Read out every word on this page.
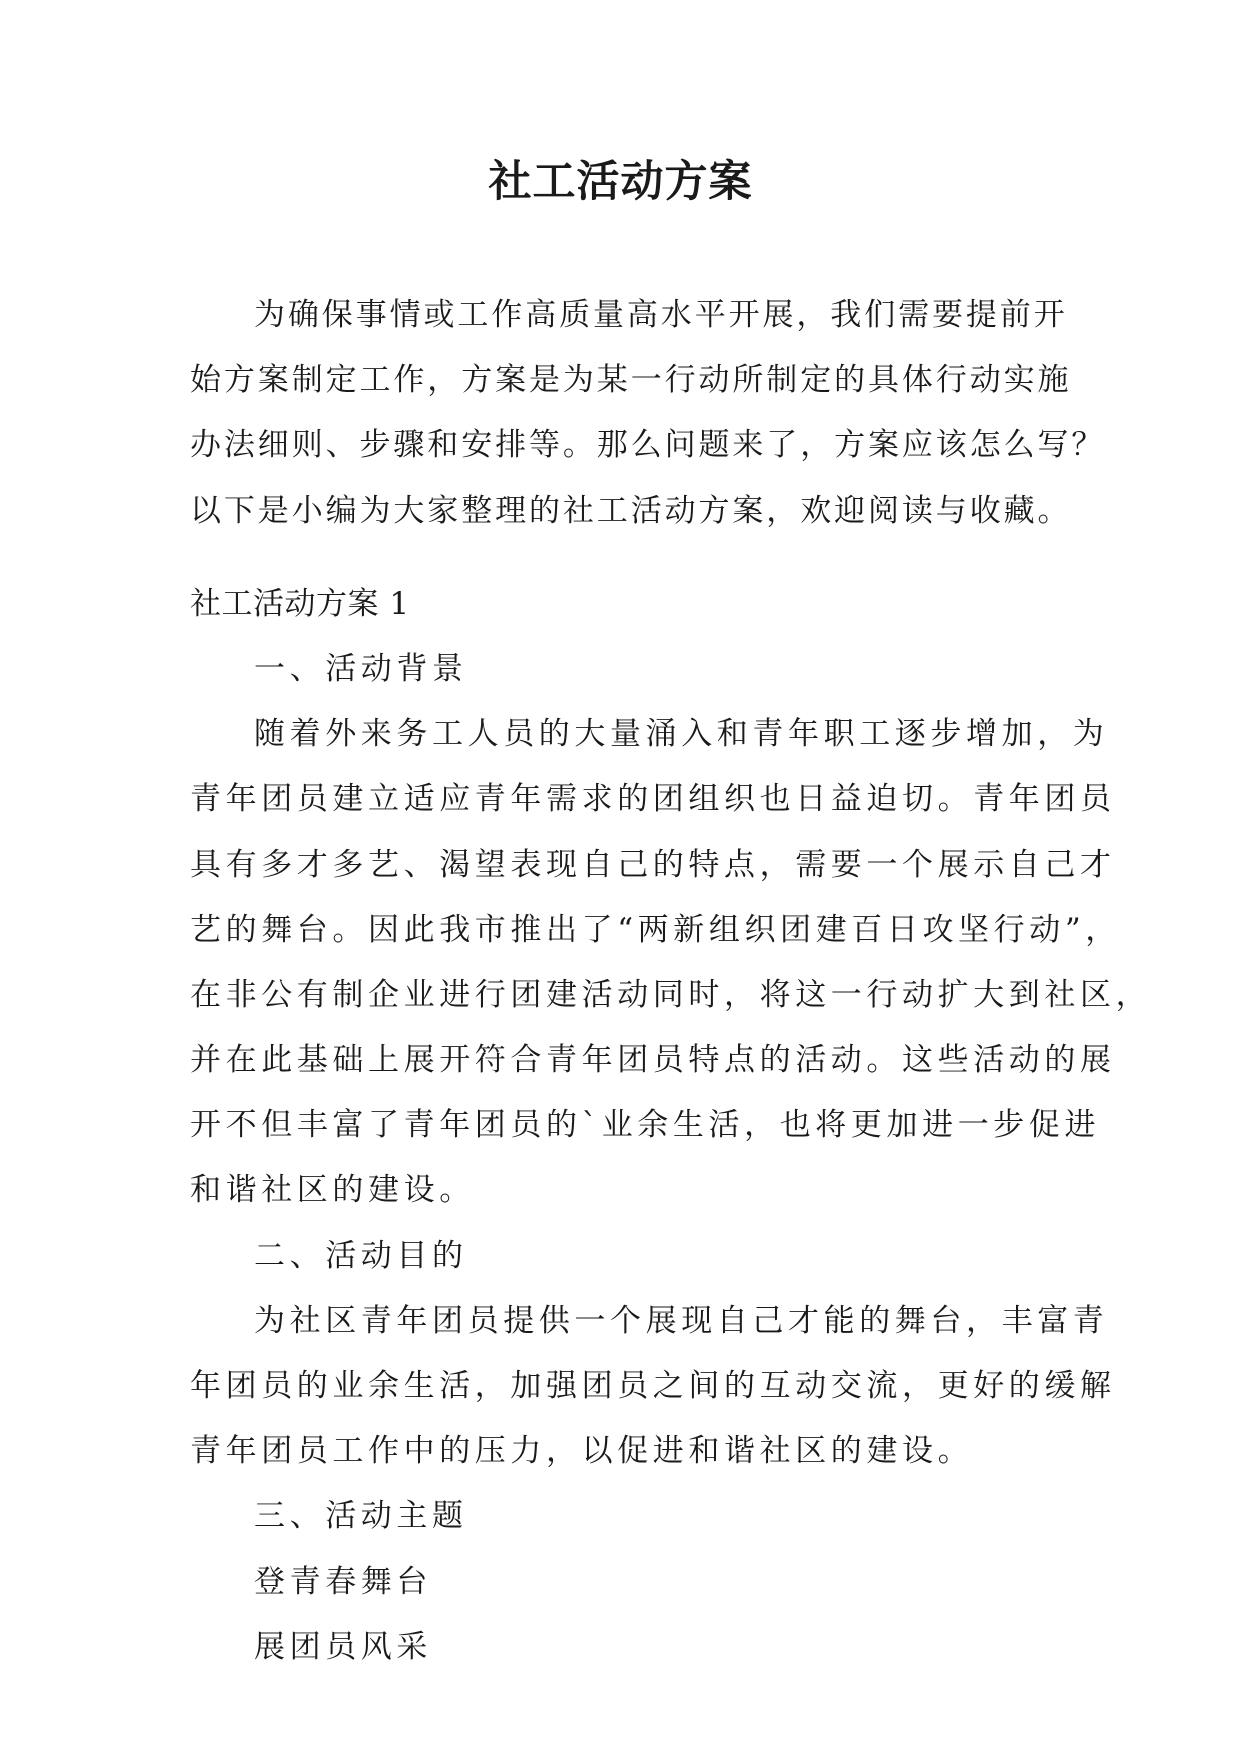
社工活动方案
为确保事情或工作高质量高水平开展，我们需要提前开
始方案制定工作，方案是为某一行动所制定的具体行动实施
办法细则、步骤和安排等。那么问题来了，方案应该怎么写？
以下是小编为大家整理的社工活动方案，欢迎阅读与收藏。
社工活动方案 1
一、活动背景
随着外来务工人员的大量涌入和青年职工逐步增加，为
青年团员建立适应青年需求的团组织也日益迫切。青年团员
具有多才多艺、渴望表现自己的特点，需要一个展示自己才
艺的舞台。因此我市推出了“两新组织团建百日攻坚行动”，
在非公有制企业进行团建活动同时，将这一行动扩大到社区，
并在此基础上展开符合青年团员特点的活动。这些活动的展
开不但丰富了青年团员的`业余生活，也将更加进一步促进
和谐社区的建设。
二、活动目的
为社区青年团员提供一个展现自己才能的舞台，丰富青
年团员的业余生活，加强团员之间的互动交流，更好的缓解
青年团员工作中的压力，以促进和谐社区的建设。
三、活动主题
登青春舞台
展团员风采
